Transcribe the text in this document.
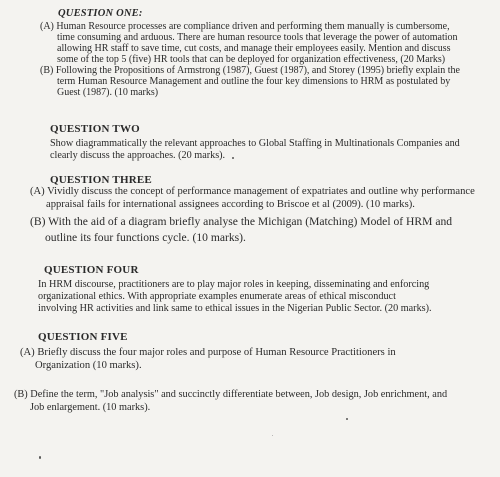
QUESTION ONE:
(A) Human Resource processes are compliance driven and performing them manually is cumbersome,
time consuming and arduous. There are human resource tools that leverage the power of automation
allowing HR staff to save time, cut costs, and manage their employees easily. Mention and discuss
some of the top 5 (five) HR tools that can be deployed for organization effectiveness, (20 Marks)
(B) Following the Propositions of Armstrong (1987), Guest (1987), and Storey (1995) briefly explain the
term Human Resource Management and outline the four key dimensions to HRM as postulated by
Guest (1987). (10 marks)
QUESTION TWO
Show diagrammatically the relevant approaches to Global Staffing in Multinationals Companies and
clearly discuss the approaches. (20 marks).
QUESTION THREE
(A) Vividly discuss the concept of performance management of expatriates and outline why performance
appraisal fails for international assignees according to Briscoe et al (2009). (10 marks).
(B) With the aid of a diagram briefly analyse the Michigan (Matching) Model of HRM and
outline its four functions cycle. (10 marks).
QUESTION FOUR
In HRM discourse, practitioners are to play major roles in keeping, disseminating and enforcing
organizational ethics. With appropriate examples enumerate areas of ethical misconduct
involving HR activities and link same to ethical issues in the Nigerian Public Sector. (20 marks).
QUESTION FIVE
(A) Briefly discuss the four major roles and purpose of Human Resource Practitioners in
Organization (10 marks).
(B) Define the term, "Job analysis" and succinctly differentiate between, Job design, Job enrichment, and
Job enlargement. (10 marks).
